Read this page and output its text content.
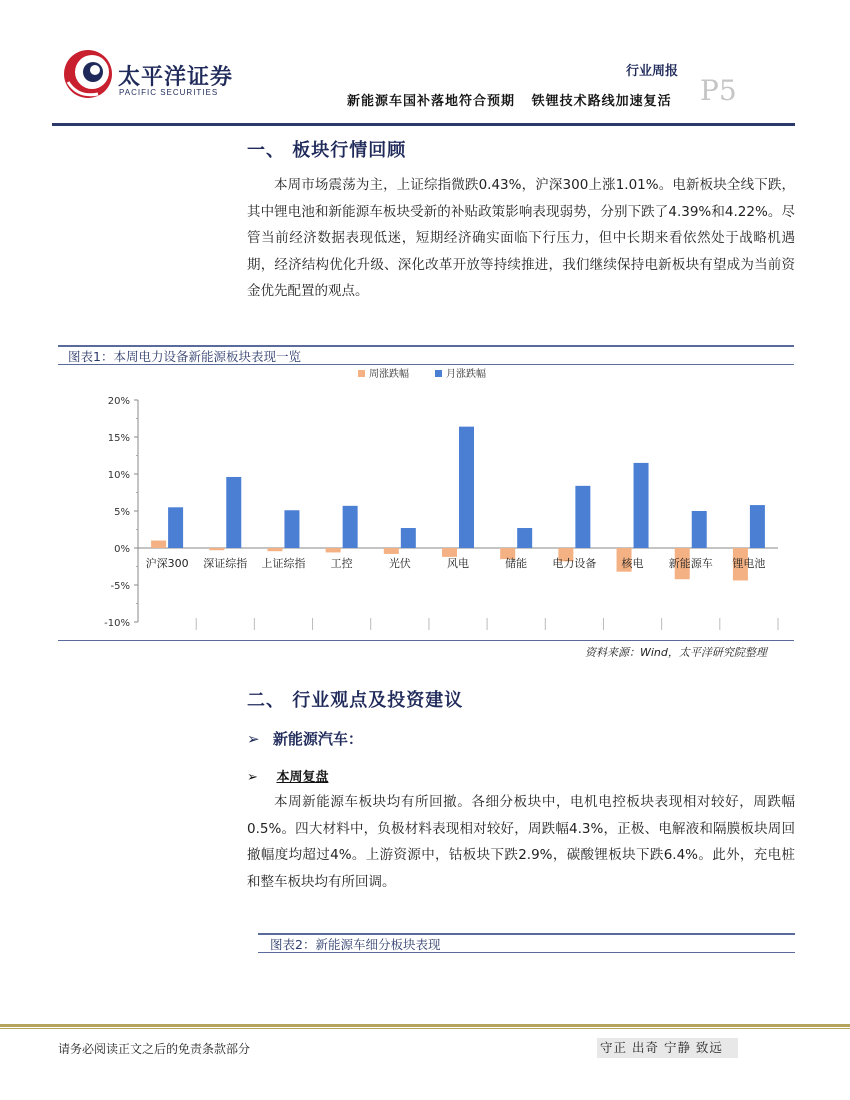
太平洋证券
PACIFIC SECURITIES
行业周报
新能源车国补落地符合预期   铁锂技术路线加速复活 P5
一、 板块行情回顾
本周市场震荡为主，上证综指微跌0.43%，沪深300上涨1.01%。电新板块全线下跌，其中锂电池和新能源车板块受新的补贴政策影响表现弱势，分别下跌了4.39%和4.22%。尽管当前经济数据表现低迷，短期经济确实面临下行压力，但中长期来看依然处于战略机遇期，经济结构优化升级、深化改革开放等持续推进，我们继续保持电新板块有望成为当前资金优先配置的观点。
图表1：本周电力设备新能源板块表现一览
20%
15%
10%
5%
0%
-5%
-10%
沪深300 深证综指 上证综指 工控	光伏	风电	储能 电力设备 核电 新能源车 锂电池
周涨跌幅	月涨跌幅
资料来源：Wind，太平洋研究院整理
二、 行业观点及投资建议
➢ 新能源汽车：
➢ 本周复盘
本周新能源车板块均有所回撤。各细分板块中，电机电控板块表现相对较好，周跌幅0.5%。四大材料中，负极材料表现相对较好，周跌幅4.3%，正极、电解液和隔膜板块周回撤幅度均超过4%。上游资源中，钴板块下跌2.9%，碳酸锂板块下跌6.4%。此外，充电桩和整车板块均有所回调。
图表2：新能源车细分板块表现
请务必阅读正文之后的免责条款部分	守正 出奇 宁静 致远
